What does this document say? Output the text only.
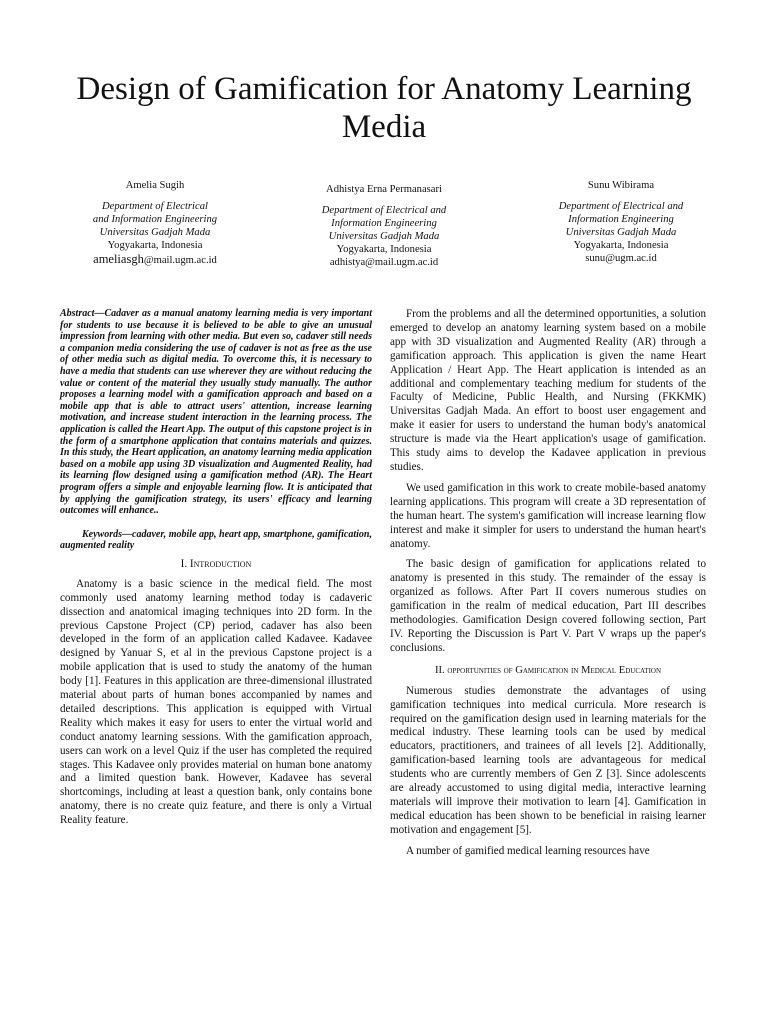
Design of Gamification for Anatomy Learning Media
Amelia Sugih
Department of Electrical
and Information Engineering
Universitas Gadjah Mada
Yogyakarta, Indonesia
ameliasgh@mail.ugm.ac.id
Adhistya Erna Permanasari
Department of Electrical and
Information Engineering
Universitas Gadjah Mada
Yogyakarta, Indonesia
adhistya@mail.ugm.ac.id
Sunu Wibirama
Department of Electrical and
Information Engineering
Universitas Gadjah Mada
Yogyakarta, Indonesia
sunu@ugm.ac.id

Abstract—Cadaver as a manual anatomy learning media is very important for students to use because it is believed to be able to give an unusual impression from learning with other media. But even so, cadaver still needs a companion media considering the use of cadaver is not as free as the use of other media such as digital media. To overcome this, it is necessary to have a media that students can use wherever they are without reducing the value or content of the material they usually study manually. The author proposes a learning model with a gamification approach and based on a mobile app that is able to attract users' attention, increase learning motivation, and increase student interaction in the learning process. The application is called the Heart App. The output of this capstone project is in the form of a smartphone application that contains materials and quizzes. In this study, the Heart application, an anatomy learning media application based on a mobile app using 3D visualization and Augmented Reality, had its learning flow designed using a gamification method (AR). The Heart program offers a simple and enjoyable learning flow. It is anticipated that by applying the gamification strategy, its users' efficacy and learning outcomes will enhance..

Keywords—cadaver, mobile app, heart app, smartphone, gamification, augmented reality

I. Introduction

Anatomy is a basic science in the medical field. The most commonly used anatomy learning method today is cadaveric dissection and anatomical imaging techniques into 2D form. In the previous Capstone Project (CP) period, cadaver has also been developed in the form of an application called Kadavee. Kadavee designed by Yanuar S, et al in the previous Capstone project is a mobile application that is used to study the anatomy of the human body [1]. Features in this application are three-dimensional illustrated material about parts of human bones accompanied by names and detailed descriptions. This application is equipped with Virtual Reality which makes it easy for users to enter the virtual world and conduct anatomy learning sessions. With the gamification approach, users can work on a level Quiz if the user has completed the required stages. This Kadavee only provides material on human bone anatomy and a limited question bank. However, Kadavee has several shortcomings, including at least a question bank, only contains bone anatomy, there is no create quiz feature, and there is only a Virtual Reality feature.

From the problems and all the determined opportunities, a solution emerged to develop an anatomy learning system based on a mobile app with 3D visualization and Augmented Reality (AR) through a gamification approach. This application is given the name Heart Application / Heart App. The Heart application is intended as an additional and complementary teaching medium for students of the Faculty of Medicine, Public Health, and Nursing (FKKMK) Universitas Gadjah Mada. An effort to boost user engagement and make it easier for users to understand the human body's anatomical structure is made via the Heart application's usage of gamification. This study aims to develop the Kadavee application in previous studies.

We used gamification in this work to create mobile-based anatomy learning applications. This program will create a 3D representation of the human heart. The system's gamification will increase learning flow interest and make it simpler for users to understand the human heart's anatomy.

The basic design of gamification for applications related to anatomy is presented in this study. The remainder of the essay is organized as follows. After Part II covers numerous studies on gamification in the realm of medical education, Part III describes methodologies. Gamification Design covered following section, Part IV. Reporting the Discussion is Part V. Part V wraps up the paper's conclusions.

II. opportunities of Gamification in Medical Education

Numerous studies demonstrate the advantages of using gamification techniques into medical curricula. More research is required on the gamification design used in learning materials for the medical industry. These learning tools can be used by medical educators, practitioners, and trainees of all levels [2]. Additionally, gamification-based learning tools are advantageous for medical students who are currently members of Gen Z [3]. Since adolescents are already accustomed to using digital media, interactive learning materials will improve their motivation to learn [4]. Gamification in medical education has been shown to be beneficial in raising learner motivation and engagement [5].

A number of gamified medical learning resources have
